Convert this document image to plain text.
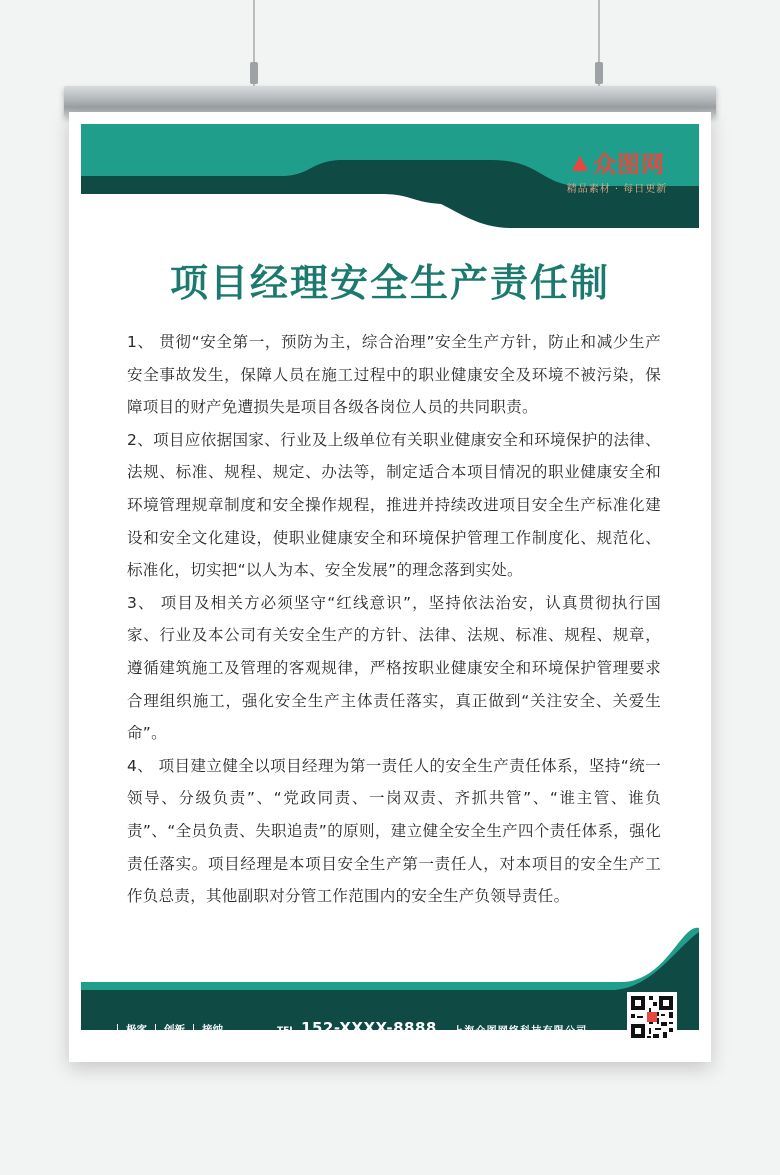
众图网
精品素材 · 每日更新
项目经理安全生产责任制

1、 贯彻“安全第一，预防为主，综合治理”安全生产方针，防止和减少生产安全事故发生，保障人员在施工过程中的职业健康安全及环境不被污染，保障项目的财产免遭损失是项目各级各岗位人员的共同职责。

2、项目应依据国家、行业及上级单位有关职业健康安全和环境保护的法律、法规、标准、规程、规定、办法等，制定适合本项目情况的职业健康安全和环境管理规章制度和安全操作规程，推进并持续改进项目安全生产标准化建设和安全文化建设，使职业健康安全和环境保护管理工作制度化、规范化、标准化，切实把“以人为本、安全发展”的理念落到实处。

3、 项目及相关方必须坚守“红线意识”，坚持依法治安，认真贯彻执行国家、行业及本公司有关安全生产的方针、法律、法规、标准、规程、规章，遵循建筑施工及管理的客观规律，严格按职业健康安全和环境保护管理要求合理组织施工，强化安全生产主体责任落实，真正做到“关注安全、关爱生命”。

4、 项目建立健全以项目经理为第一责任人的安全生产责任体系，坚持“统一领导、分级负责”、“党政同责、一岗双责、齐抓共管”、“谁主管、谁负责”、“全员负责、失职追责”的原则，建立健全安全生产四个责任体系，强化责任落实。项目经理是本项目安全生产第一责任人，对本项目的安全生产工作负总责，其他副职对分管工作范围内的安全生产负领导责任。

极客 创新 接纳	TEL 152-XXXX-8888 上海众图网络科技有限公司
